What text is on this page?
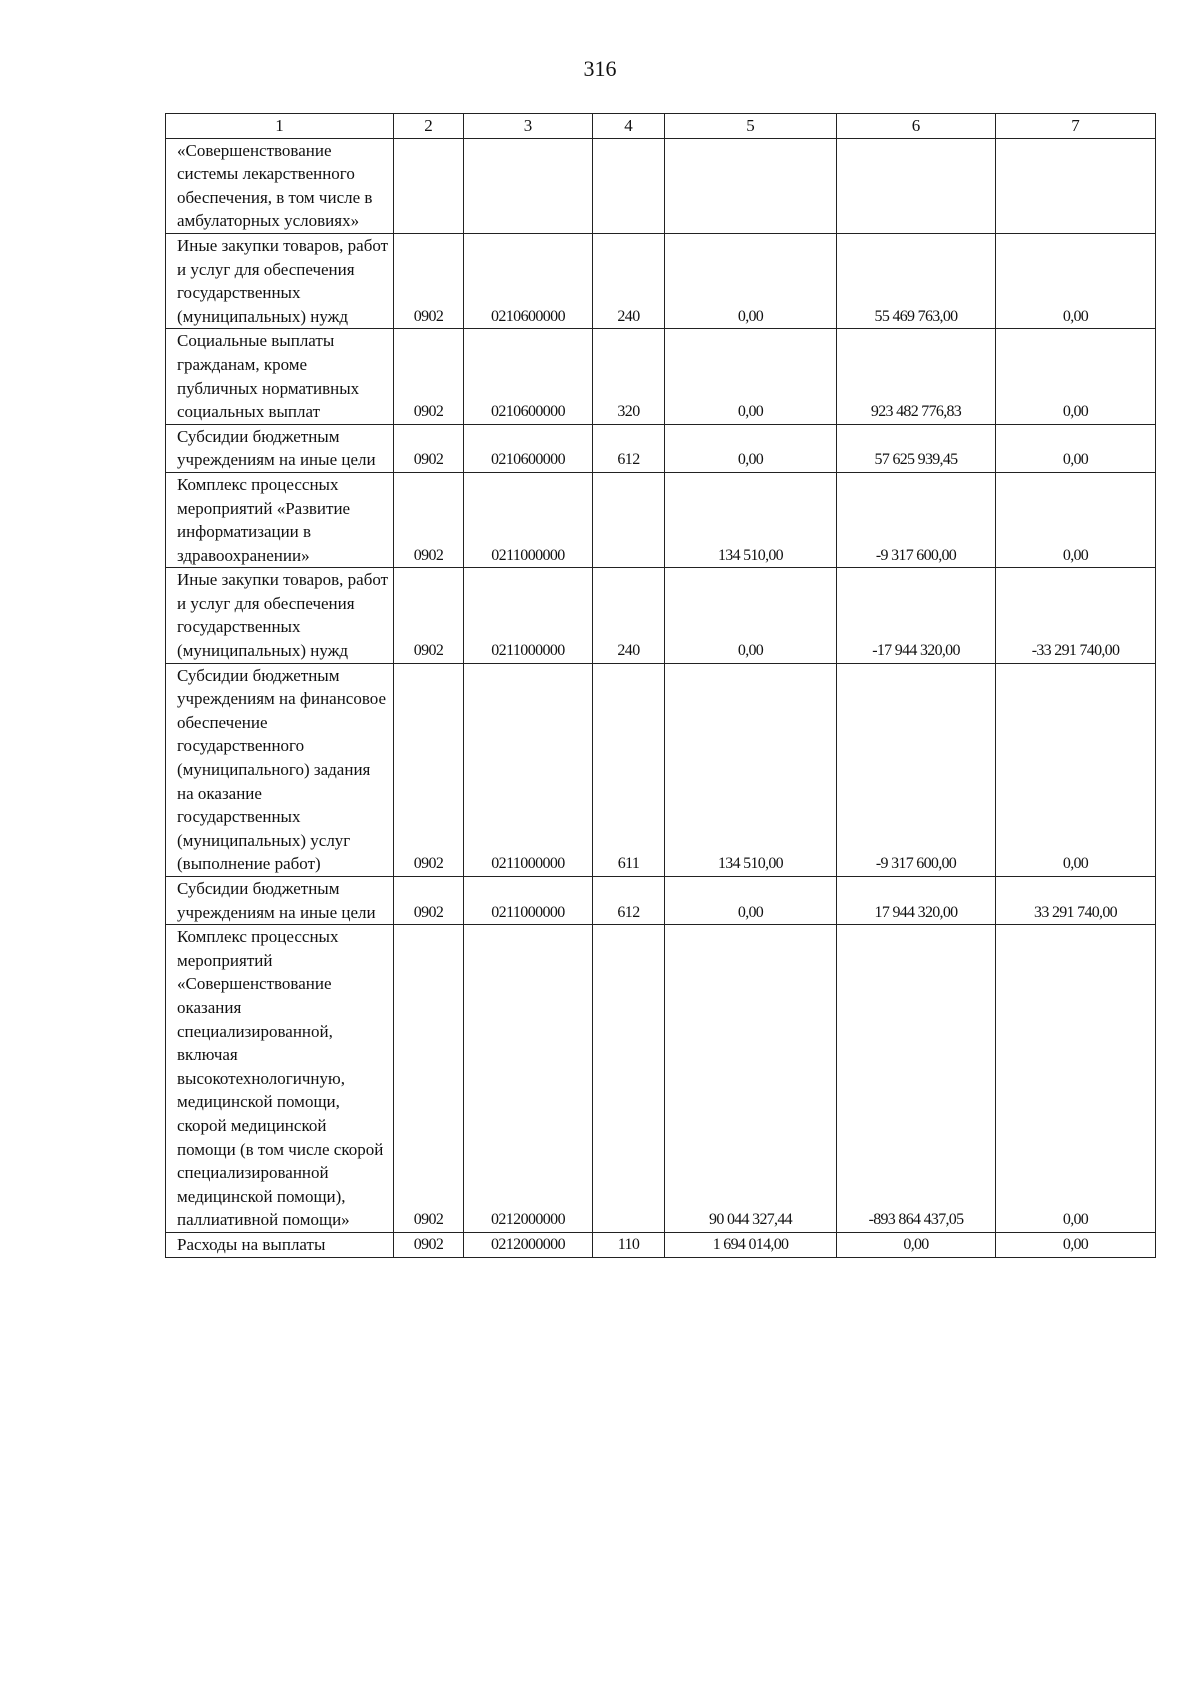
316
1	2	3	4	5	6	7
«Совершенствование системы лекарственного обеспечения, в том числе в амбулаторных условиях»						
Иные закупки товаров, работ и услуг для обеспечения государственных (муниципальных) нужд	0902	0210600000	240	0,00	55 469 763,00	0,00
Социальные выплаты гражданам, кроме публичных нормативных социальных выплат	0902	0210600000	320	0,00	923 482 776,83	0,00
Субсидии бюджетным учреждениям на иные цели	0902	0210600000	612	0,00	57 625 939,45	0,00
Комплекс процессных мероприятий «Развитие информатизации в здравоохранении»	0902	0211000000		134 510,00	-9 317 600,00	0,00
Иные закупки товаров, работ и услуг для обеспечения государственных (муниципальных) нужд	0902	0211000000	240	0,00	-17 944 320,00	-33 291 740,00
Субсидии бюджетным учреждениям на финансовое обеспечение государственного (муниципального) задания на оказание государственных (муниципальных) услуг (выполнение работ)	0902	0211000000	611	134 510,00	-9 317 600,00	0,00
Субсидии бюджетным учреждениям на иные цели	0902	0211000000	612	0,00	17 944 320,00	33 291 740,00
Комплекс процессных мероприятий «Совершенствование оказания специализированной, включая высокотехнологичную, медицинской помощи, скорой медицинской помощи (в том числе скорой специализированной медицинской помощи), паллиативной помощи»	0902	0212000000		90 044 327,44	-893 864 437,05	0,00
Расходы на выплаты	0902	0212000000	110	1 694 014,00	0,00	0,00
